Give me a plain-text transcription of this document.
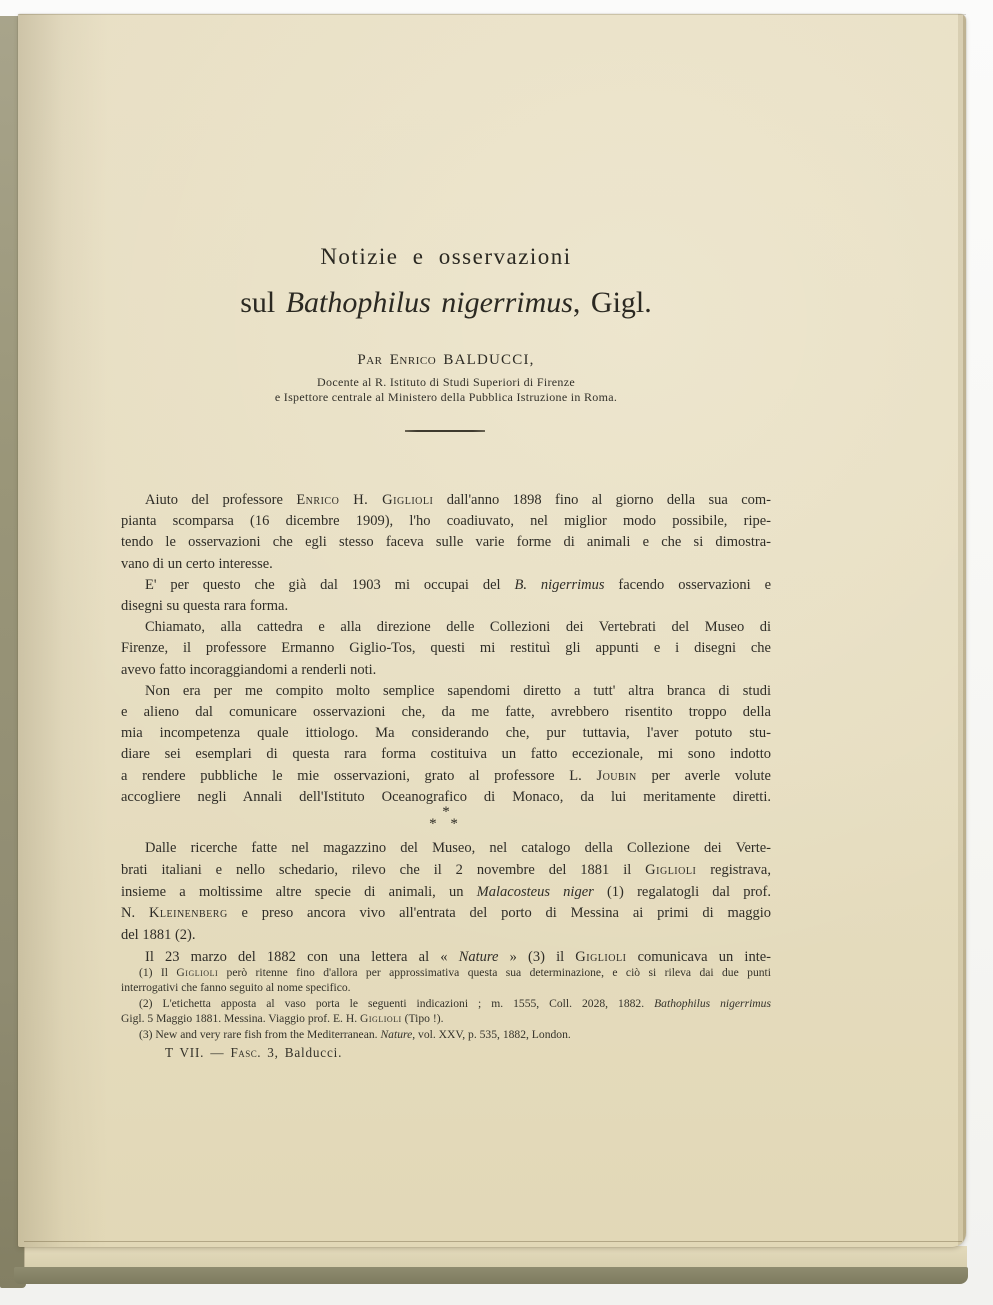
Notizie e osservazioni
sul Bathophilus nigerrimus, Gigl.
Par Enrico BALDUCCI,
Docente al R. Istituto di Studi Superiori di Firenze
e Ispettore centrale al Ministero della Pubblica Istruzione in Roma.
Aiuto del professore Enrico H. Giglioli dall'anno 1898 fino al giorno della sua com-
pianta scomparsa (16 dicembre 1909), l'ho coadiuvato, nel miglior modo possibile, ripe-
tendo le osservazioni che egli stesso faceva sulle varie forme di animali e che si dimostra-
vano di un certo interesse.
E' per questo che già dal 1903 mi occupai del B. nigerrimus facendo osservazioni e
disegni su questa rara forma.
Chiamato, alla cattedra e alla direzione delle Collezioni dei Vertebrati del Museo di
Firenze, il professore Ermanno Giglio-Tos, questi mi restituì gli appunti e i disegni che
avevo fatto incoraggiandomi a renderli noti.
Non era per me compito molto semplice sapendomi diretto a tutt' altra branca di studi
e alieno dal comunicare osservazioni che, da me fatte, avrebbero risentito troppo della
mia incompetenza quale ittiologo. Ma considerando che, pur tuttavia, l'aver potuto stu-
diare sei esemplari di questa rara forma costituiva un fatto eccezionale, mi sono indotto
a rendere pubbliche le mie osservazioni, grato al professore L. Joubin per averle volute
accogliere negli Annali dell'Istituto Oceanografico di Monaco, da lui meritamente diretti.
*
* *
Dalle ricerche fatte nel magazzino del Museo, nel catalogo della Collezione dei Verte-
brati italiani e nello schedario, rilevo che il 2 novembre del 1881 il Giglioli registrava,
insieme a moltissime altre specie di animali, un Malacosteus niger (1) regalatogli dal prof.
N. Kleinenberg e preso ancora vivo all'entrata del porto di Messina ai primi di maggio
del 1881 (2).
Il 23 marzo del 1882 con una lettera al « Nature » (3) il Giglioli comunicava un inte-
(1) Il Giglioli però ritenne fino d'allora per approssimativa questa sua determinazione, e ciò si rileva dai due punti
interrogativi che fanno seguito al nome specifico.
(2) L'etichetta apposta al vaso porta le seguenti indicazioni ; m. 1555, Coll. 2028, 1882. Bathophilus nigerrimus
Gigl. 5 Maggio 1881. Messina. Viaggio prof. E. H. Giglioli (Tipo !).
(3) New and very rare fish from the Mediterranean. Nature, vol. XXV, p. 535, 1882, London.
T VII. — Fasc. 3, Balducci.
